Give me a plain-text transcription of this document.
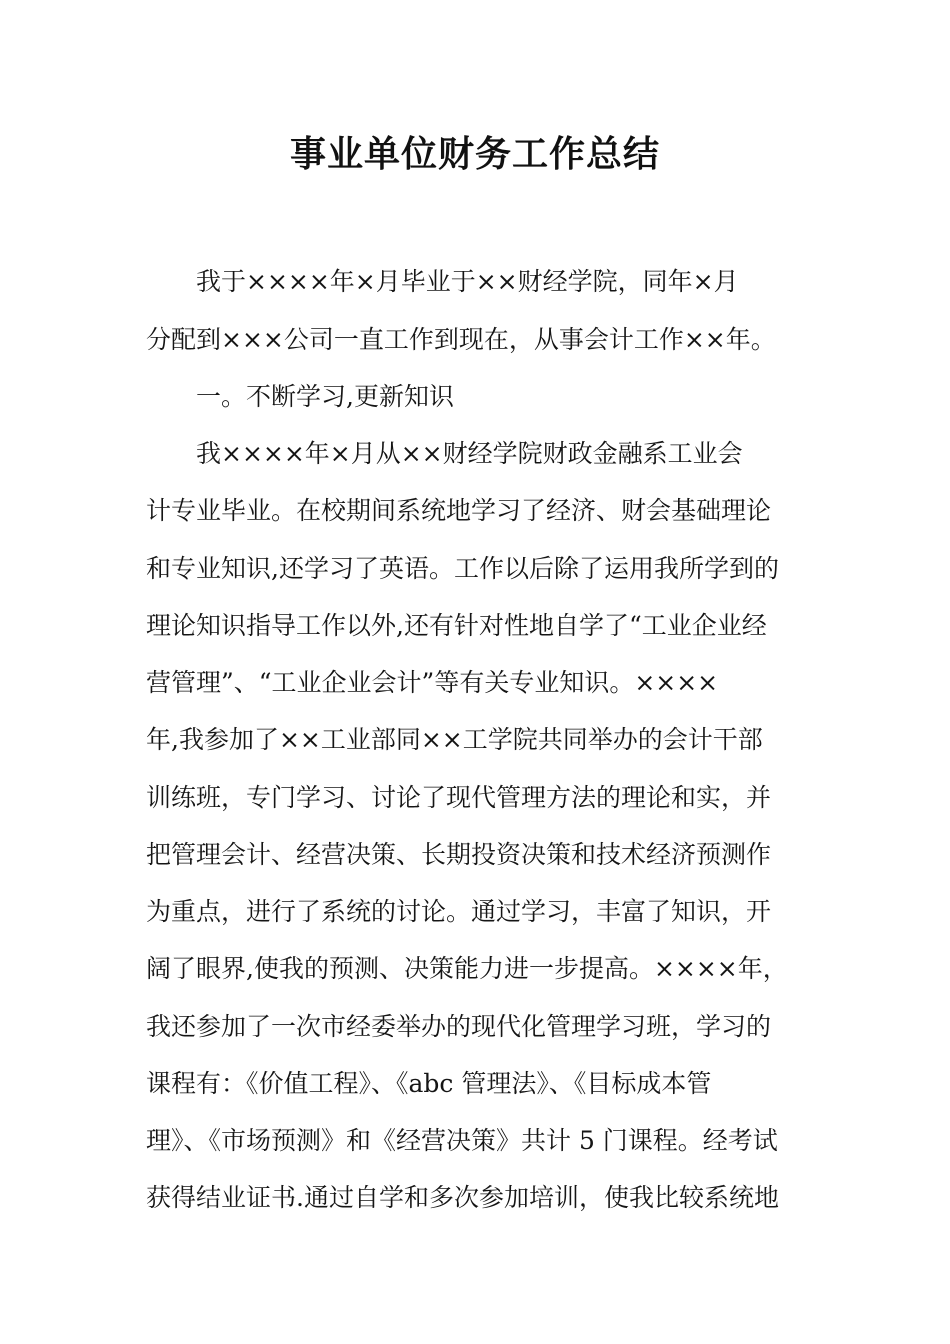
事业单位财务工作总结
我于××××年×月毕业于××财经学院，同年×月
分配到×××公司一直工作到现在，从事会计工作××年。
一。不断学习,更新知识
我××××年×月从××财经学院财政金融系工业会
计专业毕业。在校期间系统地学习了经济、财会基础理论
和专业知识,还学习了英语。工作以后除了运用我所学到的
理论知识指导工作以外,还有针对性地自学了“工业企业经
营管理”、“工业企业会计”等有关专业知识。××××
年,我参加了××工业部同××工学院共同举办的会计干部
训练班，专门学习、讨论了现代管理方法的理论和实，并
把管理会计、经营决策、长期投资决策和技术经济预测作
为重点，进行了系统的讨论。通过学习，丰富了知识，开
阔了眼界,使我的预测、决策能力进一步提高。××××年，
我还参加了一次市经委举办的现代化管理学习班，学习的
课程有：《价值工程》、《abc 管理法》、《目标成本管
理》、《市场预测》和《经营决策》共计 5 门课程。经考试
获得结业证书.通过自学和多次参加培训，使我比较系统地
